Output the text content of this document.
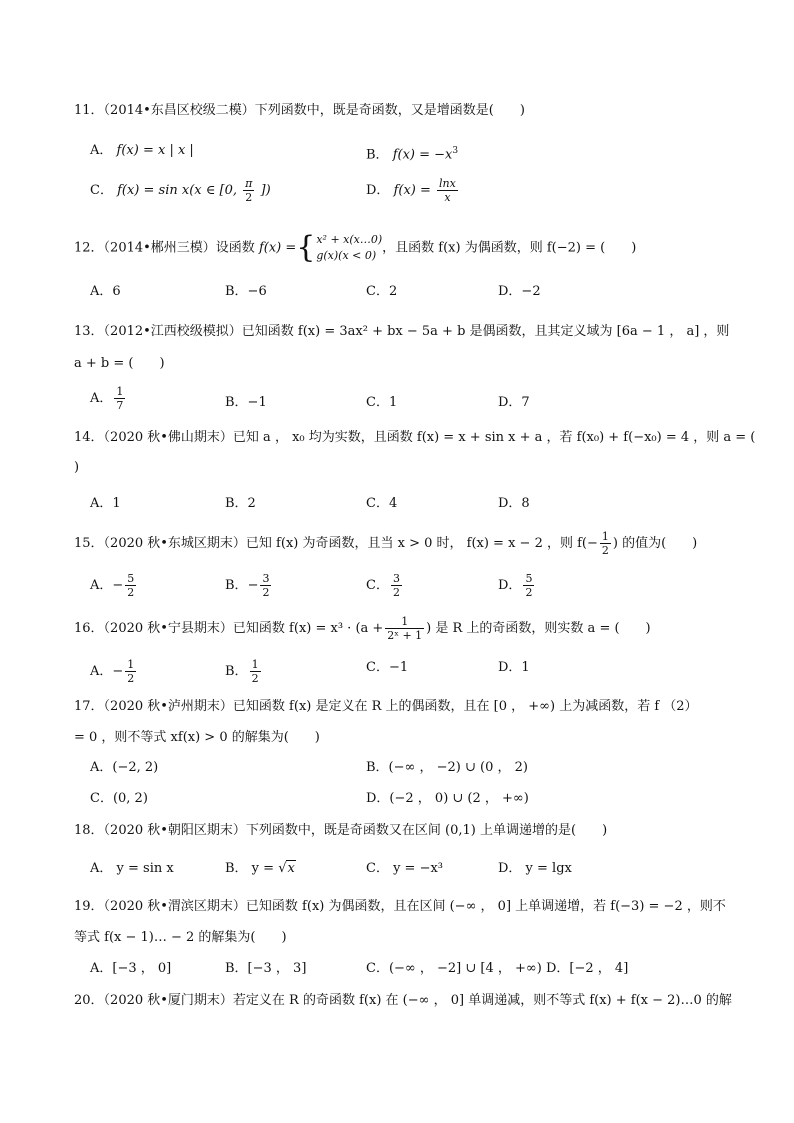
11．（2014•东昌区校级二模）下列函数中，既是奇函数，又是增函数是(　　)
A． f(x) = x | x |	B． $f(x) = -x^3$
C． f(x) = sin x(x ∈ [0, $\frac{\pi}{2}$ ])	D． $f(x) = \frac{\ln x}{x}$
12．（2014•郴州三模）设函数 f(x) ={ x² + x(x…0)
g(x)(x < 0) ，且函数 f(x) 为偶函数，则 f(−2) = (　　)
A．6	B．−6	C．2	D．−2
13．（2012•江西校级模拟）已知函数 f(x) = 3ax² + bx − 5a + b 是偶函数，且其定义域为 [6a − 1 ， a] ，则
a + b = (　　)
A． $\frac{1}{7}$	B．−1	C．1	D．7
14．（2020 秋•佛山期末）已知 a ， x₀ 均为实数，且函数 f(x) = x + sin x + a ，若 f(x₀) + f(−x₀) = 4 ，则 a = (
)
A．1	B．2	C．4	D．8
15．（2020 秋•东城区期末）已知 f(x) 为奇函数，且当 x > 0 时， f(x) = x − 2 ，则 $f(- \frac{1}{2}$ ) 的值为(　　)
A．− $\frac{5}{2}$	B．− $\frac{3}{2}$	C． $\frac{3}{2}$	D． $\frac{5}{2}$
16．（2020 秋•宁县期末）已知函数 $f(x) = x^3 \cdot (a + \frac{1}{\text{2ˣ + 1}}$ ) 是 R 上的奇函数，则实数 a = (　　)
A．− $\frac{1}{2}$	B． $\frac{1}{2}$	C．−1	D．1
17．（2020 秋•泸州期末）已知函数 f(x) 是定义在 R 上的偶函数，且在 [0 ， +∞) 上为减函数，若 f （2）
= 0 ，则不等式 xf(x) > 0 的解集为(　　)
A．(−2, 2)	B．(−∞ ， −2) ∪ (0 ， 2)
C．(0, 2)	D．(−2 ， 0) ∪ (2 ， +∞)
18．（2020 秋•朝阳区期末）下列函数中，既是奇函数又在区间 (0,1) 上单调递增的是(　　)
A． y = sin x	B． y = √x	C． y = −x³	D． y = lgx
19．（2020 秋•渭滨区期末）已知函数 f(x) 为偶函数，且在区间 (−∞ ， 0] 上单调递增，若 f(−3) = −2 ，则不
等式 f(x − 1)… − 2 的解集为(　　)
A．[−3 ， 0]	B．[−3 ， 3]	C．(−∞ ， −2] ∪ [4 ， +∞) D．[−2 ， 4]
20．（2020 秋•厦门期末）若定义在 R 的奇函数 f(x) 在 (−∞ ， 0] 单调递减，则不等式 f(x) + f(x − 2)…0 的解
